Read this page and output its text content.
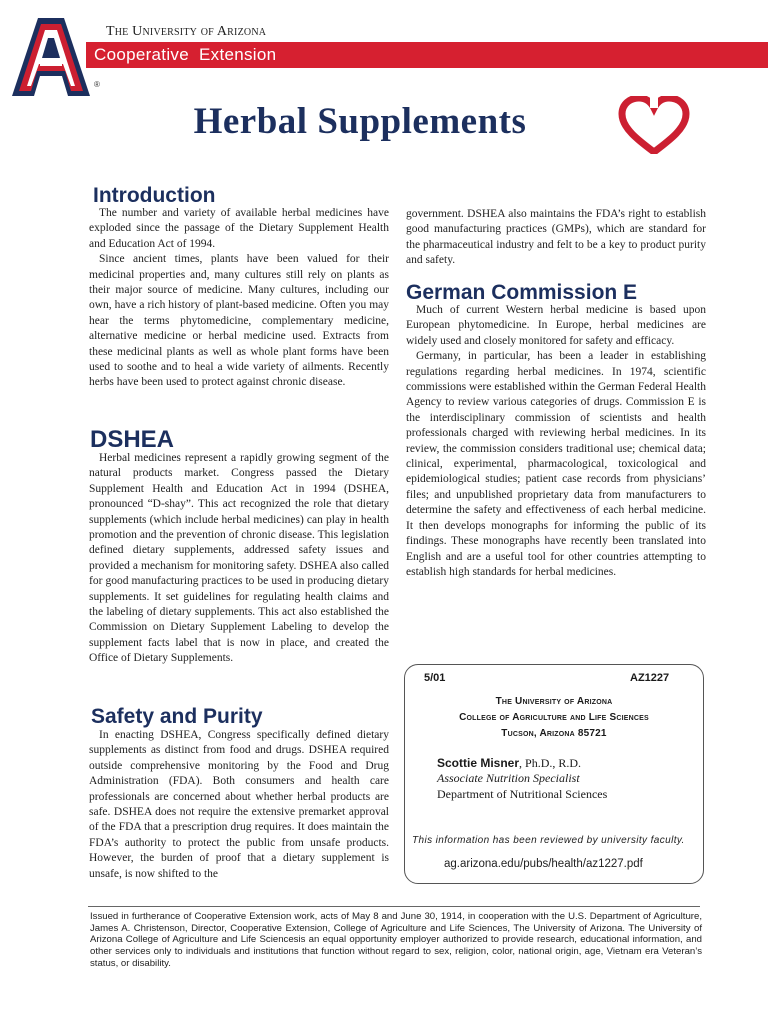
The University of Arizona
Cooperative  Extension
®
Herbal Supplements
Introduction

The number and variety of available herbal medicines have exploded since the passage of the Dietary Supplement Health and Education Act of 1994.

Since ancient times, plants have been valued for their medicinal properties and, many cultures still rely on plants as their major source of medicine. Many cultures, including our own, have a rich history of plant-based medicine. Often you may hear the terms phytomedicine, complementary medicine, alternative medicine or herbal medicine used. Extracts from these medicinal plants as well as whole plant forms have been used to soothe and to heal a wide variety of ailments. Recently herbs have been used to protect against chronic disease.

DSHEA

Herbal medicines represent a rapidly growing segment of the natural products market. Congress passed the Dietary Supplement Health and Education Act in 1994 (DSHEA, pronounced “D-shay”. This act recognized the role that dietary supplements (which include herbal medicines) can play in health promotion and the prevention of chronic disease. This legislation defined dietary supplements, addressed safety issues and provided a mechanism for monitoring safety. DSHEA also called for good manufacturing practices to be used in producing dietary supplements. It set guidelines for regulating health claims and the labeling of dietary supplements. This act also established the Commission on Dietary Supplement Labeling to develop the supplement facts label that is now in place, and created the Office of Dietary Supplements.

Safety and Purity

In enacting DSHEA, Congress specifically defined dietary supplements as distinct from food and drugs. DSHEA required outside comprehensive monitoring by the Food and Drug Administration (FDA). Both consumers and health care professionals are concerned about whether herbal products are safe. DSHEA does not require the extensive premarket approval of the FDA that a prescription drug requires. It does maintain the FDA’s authority to protect the public from unsafe products. However, the burden of proof that a dietary supplement is unsafe, is now shifted to the

government. DSHEA also maintains the FDA’s right to establish good manufacturing practices (GMPs), which are standard for the pharmaceutical industry and felt to be a key to product purity and safety.

German Commission E

Much of current Western herbal medicine is based upon European phytomedicine. In Europe, herbal medicines are widely used and closely monitored for safety and efficacy.

Germany, in particular, has been a leader in establishing regulations regarding herbal medicines. In 1974, scientific commissions were established within the German Federal Health Agency to review various categories of drugs. Commission E is the interdisciplinary commission of scientists and health professionals charged with reviewing herbal medicines. In its review, the commission considers traditional use; chemical data; clinical, experimental, pharmacological, toxicological and epidemiological studies; patient case records from physicians’ files; and unpublished proprietary data from manufacturers to determine the safety and effectiveness of each herbal medicine. It then develops monographs for informing the public of its findings. These monographs have recently been translated into English and are a useful tool for other countries attempting to establish high standards for herbal medicines.

5/01	AZ1227
The University of Arizona
College of Agriculture and Life Sciences
Tucson, Arizona 85721
Scottie Misner, Ph.D., R.D.
Associate Nutrition Specialist
Department of Nutritional Sciences
This information has been reviewed by university faculty.
ag.arizona.edu/pubs/health/az1227.pdf
Issued in furtherance of Cooperative Extension work, acts of May 8 and June 30, 1914, in cooperation with the U.S. Department of Agriculture, James A. Christenson, Director, Cooperative Extension, College of Agriculture and Life Sciences, The University of Arizona. The University of Arizona College of Agriculture and Life Sciencesis an equal opportunity employer authorized to provide research, educational information, and other services only to individuals and institutions that function without regard to sex, religion, color, national origin, age, Vietnam era Veteran’s status, or disability.
